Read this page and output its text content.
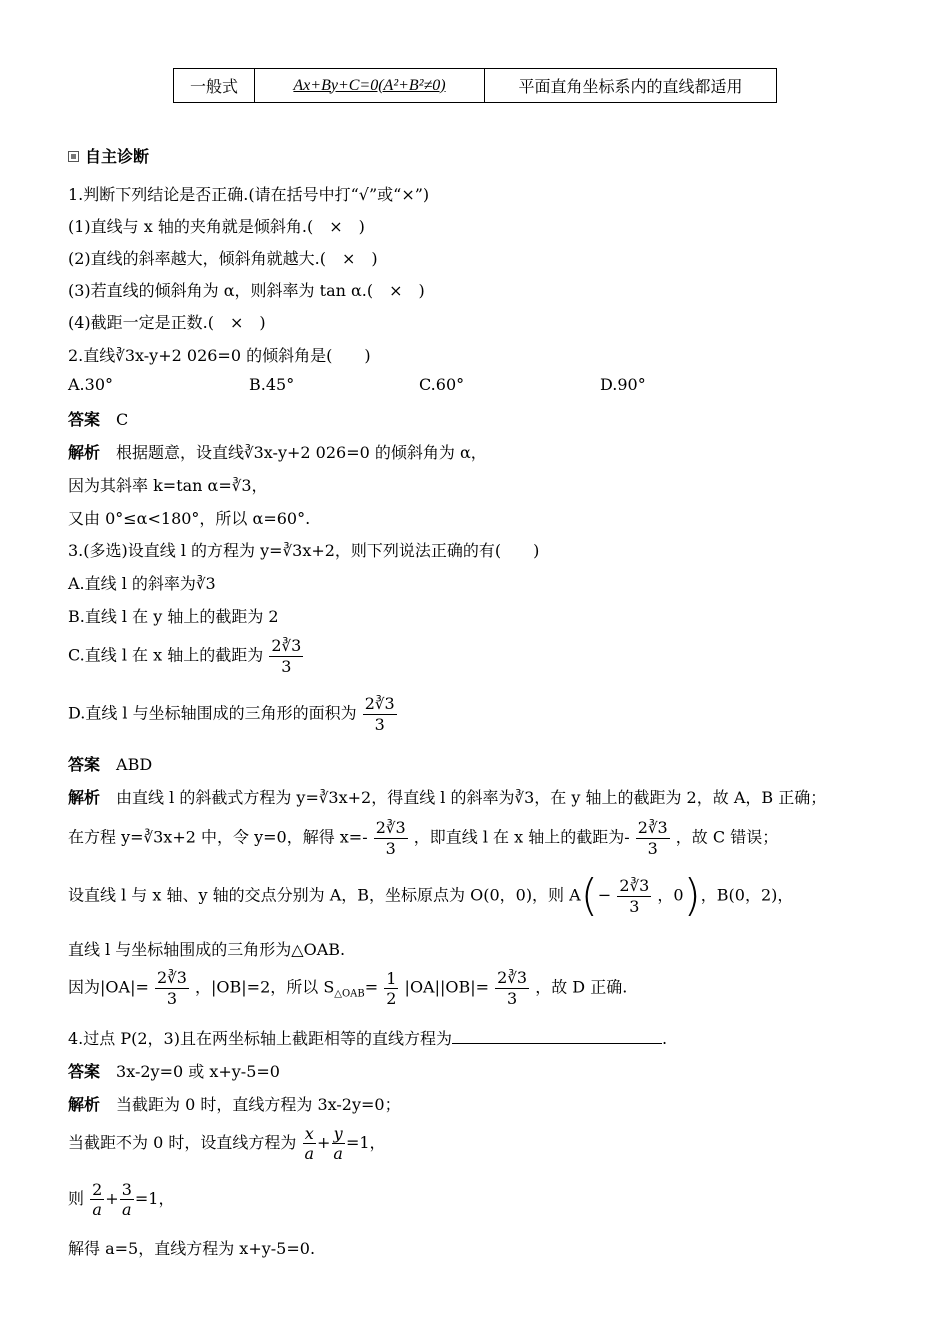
一般式	Ax+By+C=0(A²+B²≠0)	平面直角坐标系内的直线都适用
自主诊断
1.判断下列结论是否正确.(请在括号中打“√”或“×”)
(1)直线与 x 轴的夹角就是倾斜角.(　×　)
(2)直线的斜率越大，倾斜角就越大.(　×　)
(3)若直线的倾斜角为 α，则斜率为 tan α.(　×　)
(4)截距一定是正数.(　×　)
2.直线∛3x-y+2 026=0 的倾斜角是(　　)
A.30°	B.45°	C.60°	D.90°
答案　 C
解析　 根据题意，设直线∛3x-y+2 026=0 的倾斜角为 α，
因为其斜率 k=tan α=∛3，
又由 0°≤α<180°，所以 α=60°.
3.(多选)设直线 l 的方程为 y=∛3x+2，则下列说法正确的有(　　)
A.直线 l 的斜率为∛3
B.直线 l 在 y 轴上的截距为 2
C.直线 l 在 x 轴上的截距为 $\frac{2∛3}{3}$
D.直线 l 与坐标轴围成的三角形的面积为 $\frac{2∛3}{3}$
答案　 ABD
解析　 由直线 l 的斜截式方程为 y=∛3x+2，得直线 l 的斜率为∛3，在 y 轴上的截距为 2，故 A，B 正确；
在方程 y=∛3x+2 中，令 y=0，解得 $x=- \frac{2∛3}{3}$ ，即直线 l 在 x 轴上的截距为- $\frac{2∛3}{3}$ ，故 C 错误；
设直线 l 与 x 轴、y 轴的交点分别为 A，B，坐标原点为 O(0，0)，则 $A(- \frac{2∛3}{3}$ ，0)，B(0，2)，
直线 l 与坐标轴围成的三角形为△OAB.
因为$|OA|= \frac{2∛3}{3}$ ，|OB|=2，所以 $S_{\triangle OAB}= \frac{1}{2} |OA||OB|= \frac{2∛3}{3}$ ，故 D 正确.
4.过点 P(2，3)且在两坐标轴上截距相等的直线方程为	.
答案　 3x-2y=0 或 x+y-5=0
解析　 当截距为 0 时，直线方程为 3x-2y=0；
当截距不为 0 时，设直线方程为 $\frac{x}{a} + \frac{y}{a} =1$，
则 $\frac{2}{a} + \frac{3}{a} =1$，
解得 a=5，直线方程为 x+y-5=0.
